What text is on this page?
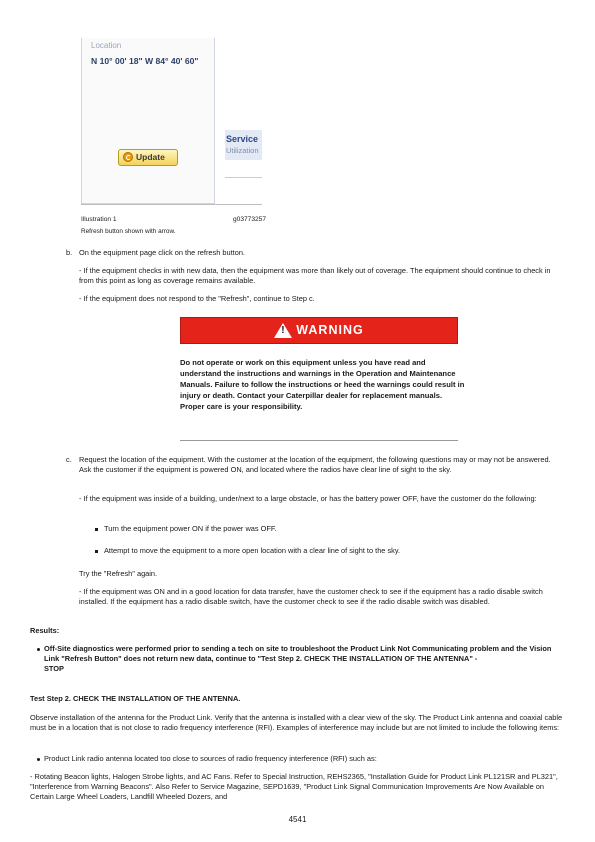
Location
N 10° 00' 18" W 84° 40' 60"
Update
Service
Utilization
Illustration 1	g03773257
Refresh button shown with arrow.
b. On the equipment page click on the refresh button.
- If the equipment checks in with new data, then the equipment was more than likely out of coverage. The equipment should continue to check in from this point as long as coverage remains available.
- If the equipment does not respond to the "Refresh", continue to Step c.
! WARNING
Do not operate or work on this equipment unless you have read and understand the instructions and warnings in the Operation and Maintenance Manuals. Failure to follow the instructions or heed the warnings could result in injury or death. Contact your Caterpillar dealer for replacement manuals. Proper care is your responsibility.
c. Request the location of the equipment. With the customer at the location of the equipment, the following questions may or may not be answered. Ask the customer if the equipment is powered ON, and located where the radios have clear line of sight to the sky.
- If the equipment was inside of a building, under/next to a large obstacle, or has the battery power OFF, have the customer do the following:
Turn the equipment power ON if the power was OFF.
Attempt to move the equipment to a more open location with a clear line of sight to the sky.
Try the "Refresh" again.
- If the equipment was ON and in a good location for data transfer, have the customer check to see if the equipment has a radio disable switch installed. If the equipment has a radio disable switch, have the customer check to see if the radio disable switch was disabled.
Results:
Off-Site diagnostics were performed prior to sending a tech on site to troubleshoot the Product Link Not Communicating problem and the Vision Link "Refresh Button" does not return new data, continue to "Test Step 2. CHECK THE INSTALLATION OF THE ANTENNA" -
STOP
Test Step 2. CHECK THE INSTALLATION OF THE ANTENNA.
Observe installation of the antenna for the Product Link. Verify that the antenna is installed with a clear view of the sky. The Product Link antenna and coaxial cable must be in a location that is not close to radio frequency interference (RFI). Examples of interference may include but are not limited to include the following items:
Product Link radio antenna located too close to sources of radio frequency interference (RFI) such as:
- Rotating Beacon lights, Halogen Strobe lights, and AC Fans. Refer to Special Instruction, REHS2365, "Installation Guide for Product Link PL121SR and PL321", "Interference from Warning Beacons". Also Refer to Service Magazine, SEPD1639, "Product Link Signal Communication Improvements Are Now Available on Certain Large Wheel Loaders, Landfill Wheeled Dozers, and
4541
